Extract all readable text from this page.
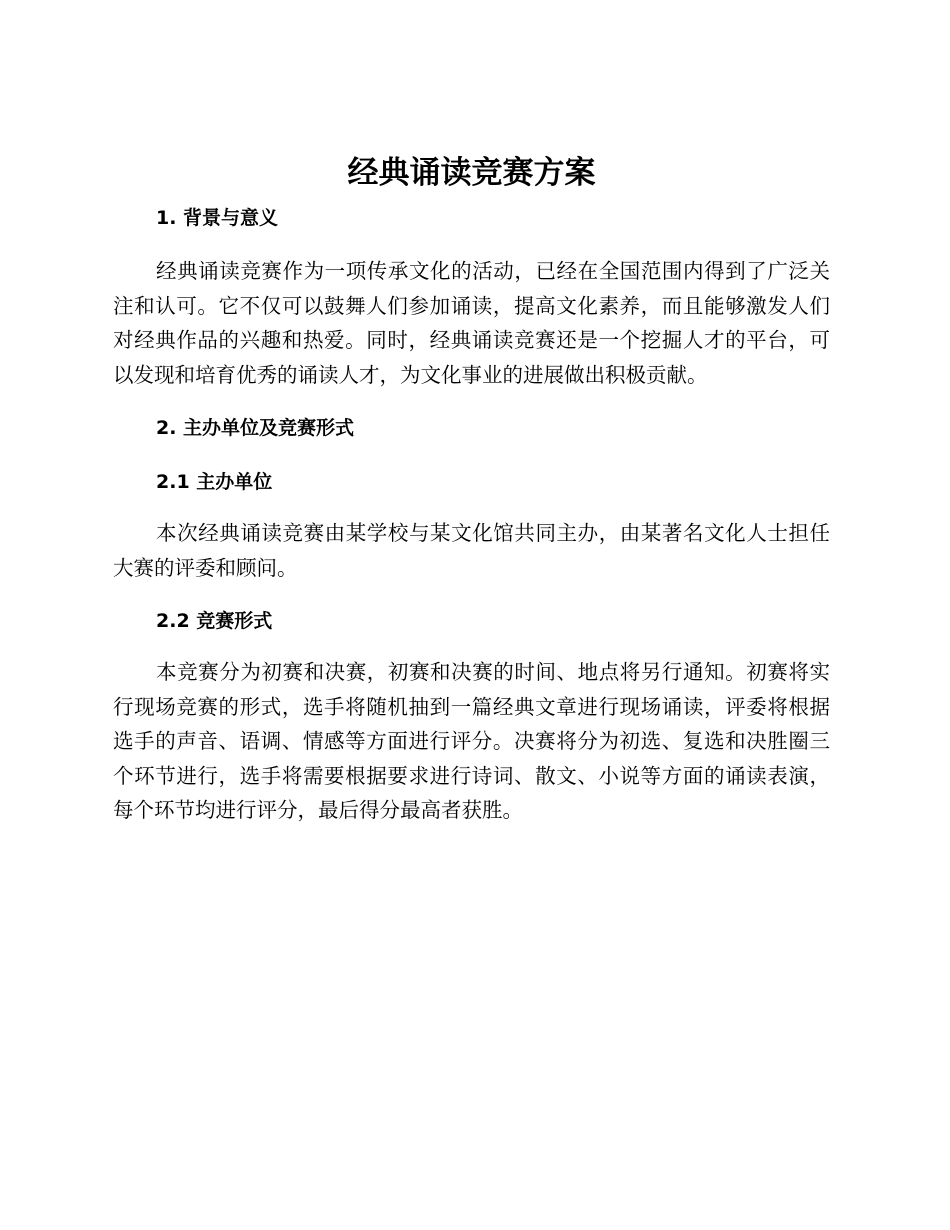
经典诵读竞赛方案
1. 背景与意义

经典诵读竞赛作为一项传承文化的活动，已经在全国范围内得到了广泛关注和认可。它不仅可以鼓舞人们参加诵读，提高文化素养，而且能够激发人们对经典作品的兴趣和热爱。同时，经典诵读竞赛还是一个挖掘人才的平台，可以发现和培育优秀的诵读人才，为文化事业的进展做出积极贡献。

2. 主办单位及竞赛形式
2.1 主办单位

本次经典诵读竞赛由某学校与某文化馆共同主办，由某著名文化人士担任大赛的评委和顾问。

2.2 竞赛形式

本竞赛分为初赛和决赛，初赛和决赛的时间、地点将另行通知。初赛将实行现场竞赛的形式，选手将随机抽到一篇经典文章进行现场诵读，评委将根据选手的声音、语调、情感等方面进行评分。决赛将分为初选、复选和决胜圈三个环节进行，选手将需要根据要求进行诗词、散文、小说等方面的诵读表演，每个环节均进行评分，最后得分最高者获胜。
